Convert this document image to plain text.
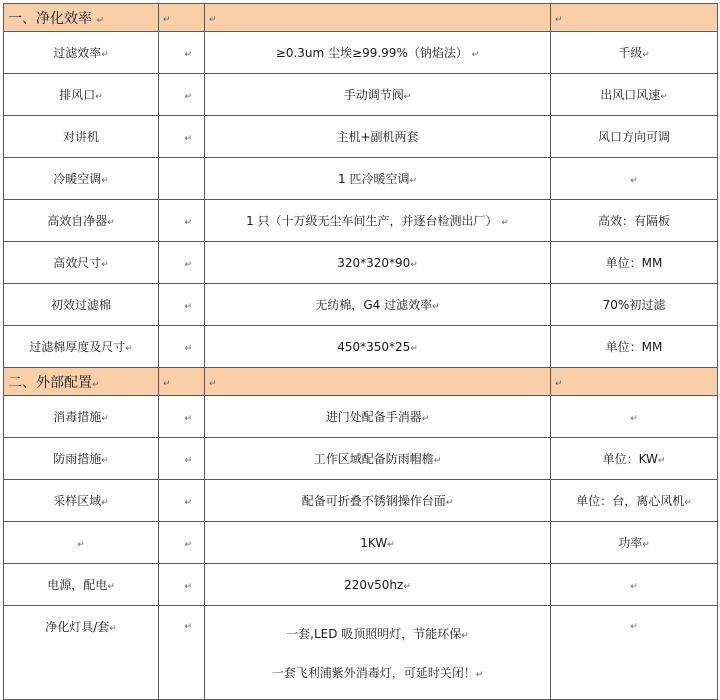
一、净化效率 ↵	↵	↵	↵
过滤效率↵	↵	≥0.3um 尘埃≥99.99%（钠焰法） ↵	千级↵
排风口↵	↵	手动调节阀↵	出风口风速↵
对讲机	↵	主机+副机两套	风口方向可调
冷暖空调↵		1 匹冷暖空调↵	↵
高效自净器↵	↵	1 只（十万级无尘车间生产，并逐台检测出厂） ↵	高效：有隔板
高效尺寸↵	↵	320*320*90↵	单位：MM
初效过滤棉	↵	无纺棉，G4 过滤效率↵	70%初过滤
过滤棉厚度及尺寸↵	↵	450*350*25↵	单位：MM
二、外部配置↵	↵	↵	↵
消毒措施↵	↵	进门处配备手消器↵	↵
防雨措施↵	↵	工作区域配备防雨帽檐↵	单位：KW↵
采样区域↵	↵	配备可折叠不锈钢操作台面↵	单位：台，离心风机↵
↵	↵	1KW↵	功率↵
电源，配电↵	↵	220v50hz↵	↵
净化灯具/套↵	↵	一套,LED 吸顶照明灯，节能环保↵
一套飞利浦紫外消毒灯，可延时关闭！↵	↵
